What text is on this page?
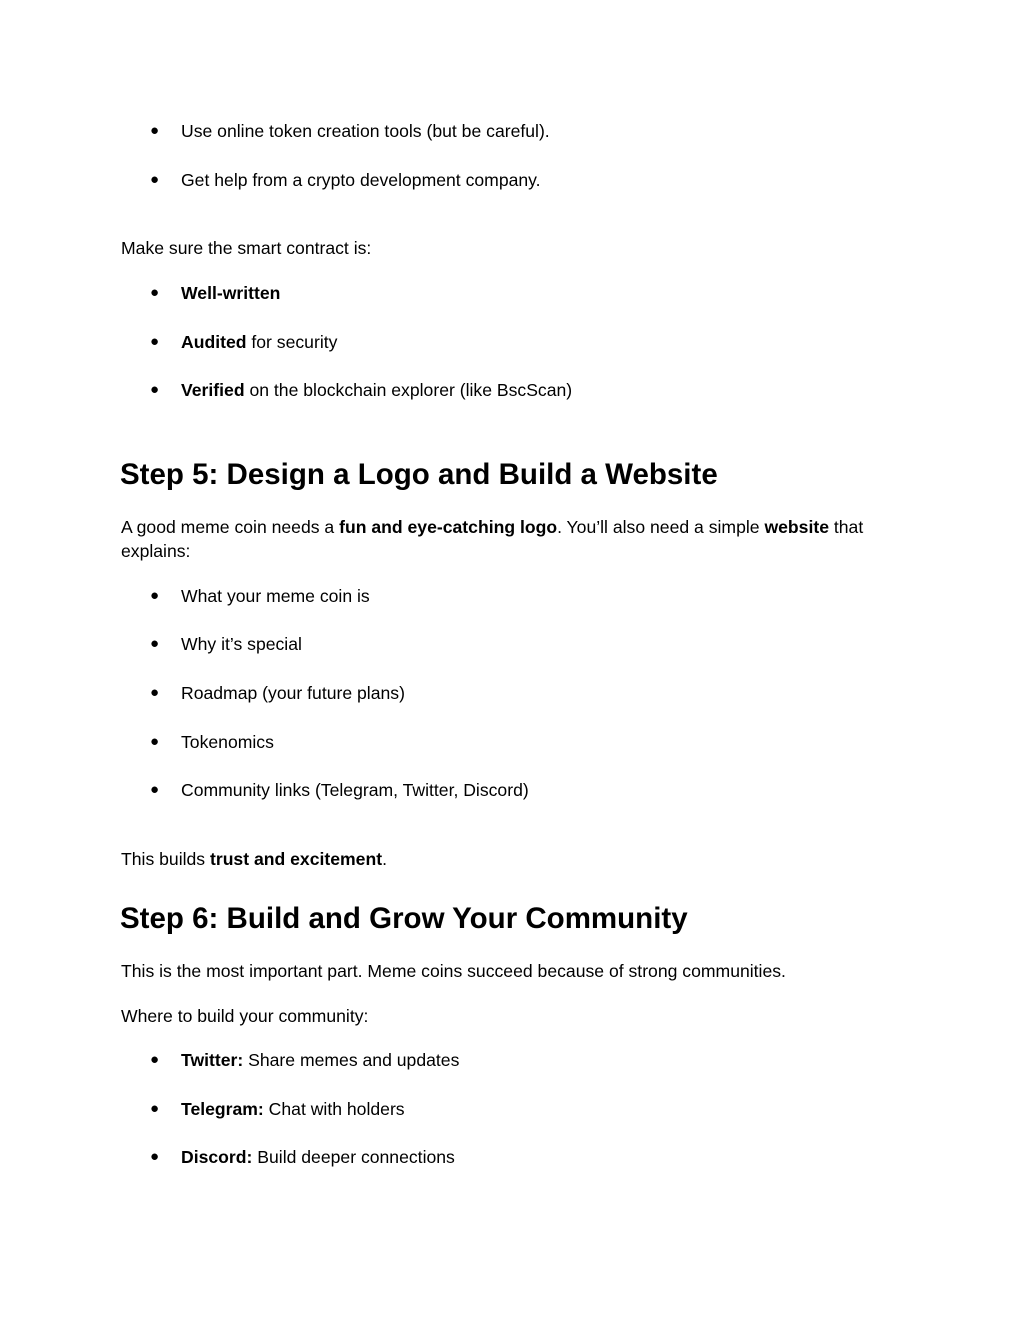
● Use online token creation tools (but be careful).
● Get help from a crypto development company.
Make sure the smart contract is:
● Well-written
● Audited for security
● Verified on the blockchain explorer (like BscScan)
Step 5: Design a Logo and Build a Website
A good meme coin needs a fun and eye-catching logo. You’ll also need a simple website that
explains:
● What your meme coin is
● Why it’s special
● Roadmap (your future plans)
● Tokenomics
● Community links (Telegram, Twitter, Discord)
This builds trust and excitement.
Step 6: Build and Grow Your Community
This is the most important part. Meme coins succeed because of strong communities.
Where to build your community:
● Twitter: Share memes and updates
● Telegram: Chat with holders
● Discord: Build deeper connections
